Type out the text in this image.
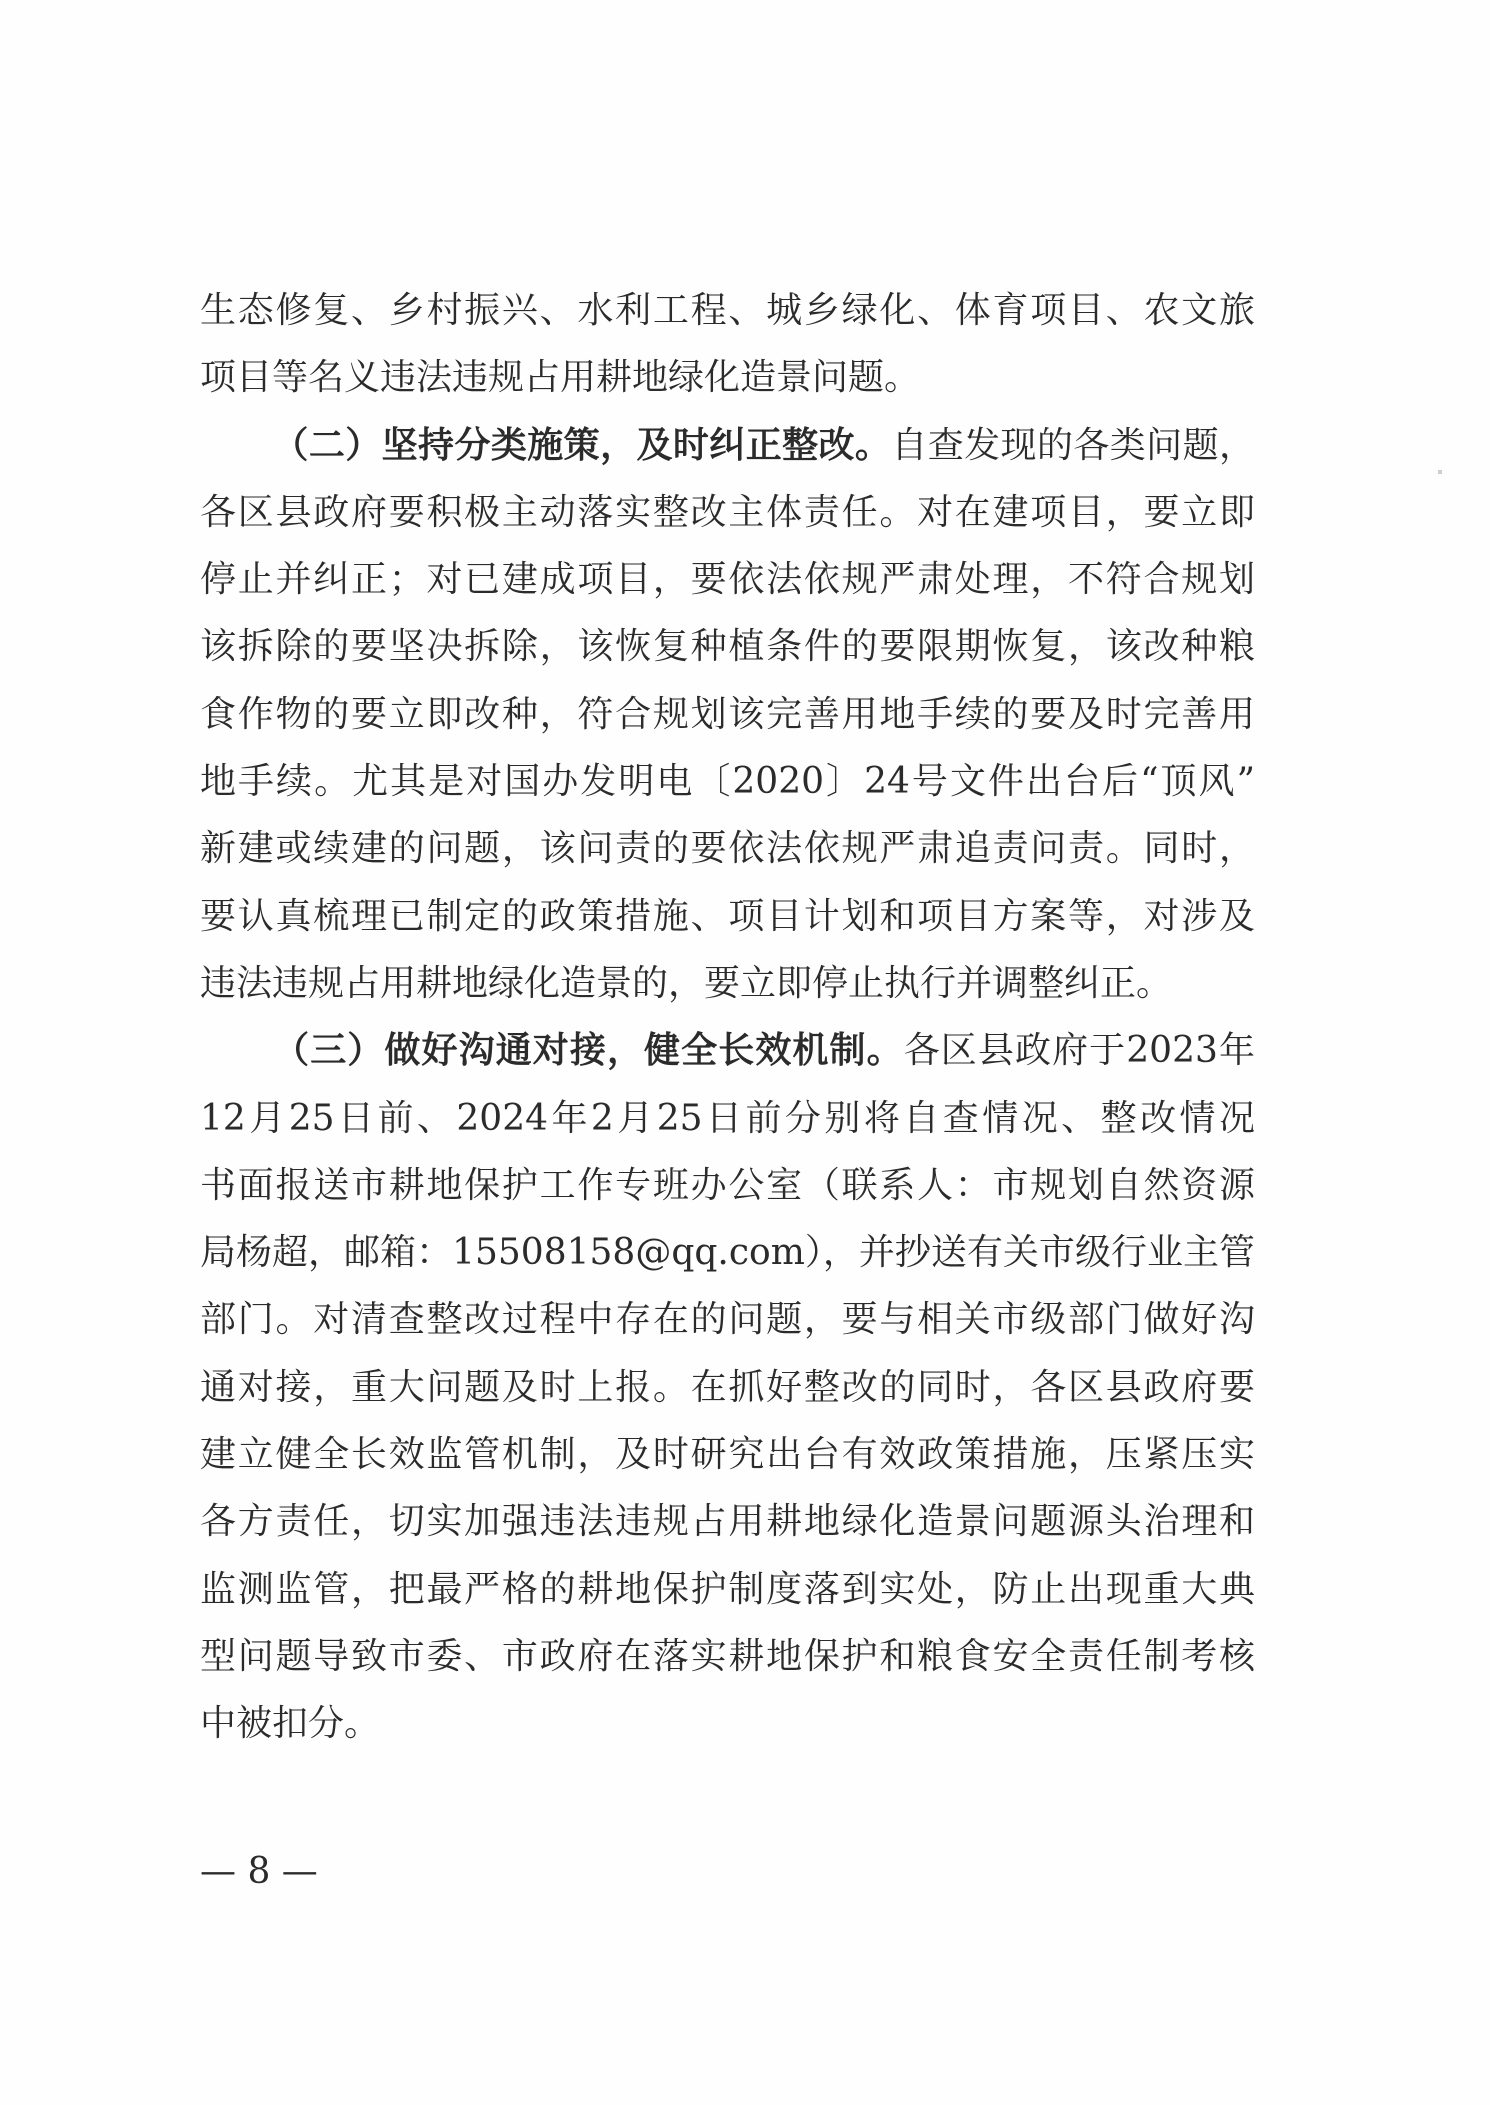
生态修复、乡村振兴、水利工程、城乡绿化、体育项目、农文旅
项目等名义违法违规占用耕地绿化造景问题。
（二）坚持分类施策，及时纠正整改。自查发现的各类问题，
各区县政府要积极主动落实整改主体责任。对在建项目，要立即
停止并纠正；对已建成项目，要依法依规严肃处理，不符合规划
该拆除的要坚决拆除，该恢复种植条件的要限期恢复，该改种粮
食作物的要立即改种，符合规划该完善用地手续的要及时完善用
地手续。尤其是对国办发明电〔2020〕24号文件出台后“顶风”
新建或续建的问题，该问责的要依法依规严肃追责问责。同时，
要认真梳理已制定的政策措施、项目计划和项目方案等，对涉及
违法违规占用耕地绿化造景的，要立即停止执行并调整纠正。
（三）做好沟通对接，健全长效机制。各区县政府于2023年
12月25日前、2024年2月25日前分别将自查情况、整改情况
书面报送市耕地保护工作专班办公室（联系人：市规划自然资源
局杨超，邮箱：15508158@qq.com），并抄送有关市级行业主管
部门。对清查整改过程中存在的问题，要与相关市级部门做好沟
通对接，重大问题及时上报。在抓好整改的同时，各区县政府要
建立健全长效监管机制，及时研究出台有效政策措施，压紧压实
各方责任，切实加强违法违规占用耕地绿化造景问题源头治理和
监测监管，把最严格的耕地保护制度落到实处，防止出现重大典
型问题导致市委、市政府在落实耕地保护和粮食安全责任制考核
中被扣分。
— 8 —
